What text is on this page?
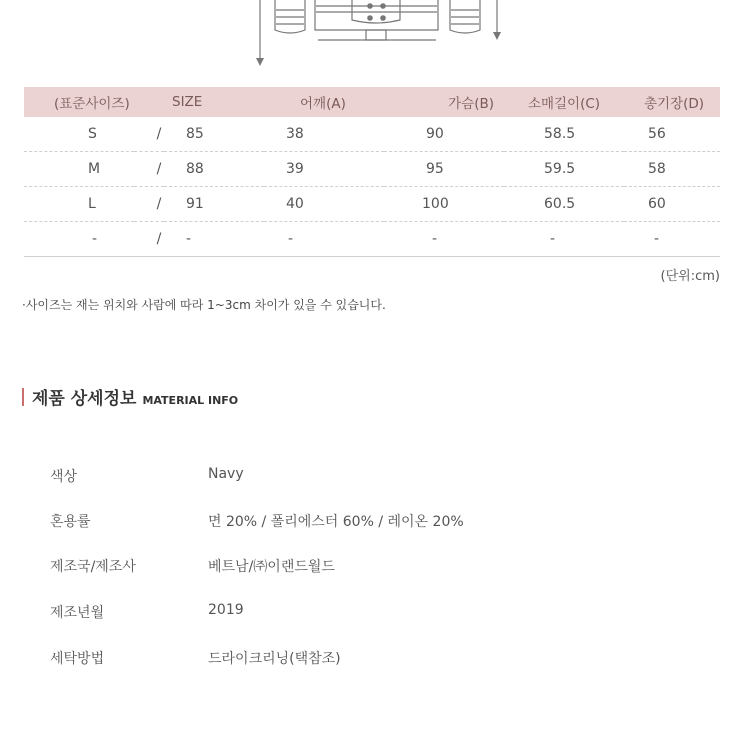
(표준사이즈)	SIZE		어깨(A)	가슴(B)	소매길이(C)	총기장(D)
S	/	85	38	90	58.5	56
M	/	88	39	95	59.5	58
L	/	91	40	100	60.5	60
-	/	-	-	-	-	-
(단위:cm)
·사이즈는 재는 위치와 사람에 따라 1~3cm 차이가 있을 수 있습니다.
제품 상세정보 MATERIAL INFO
색상	Navy
혼용률	면 20% / 폴리에스터 60% / 레이온 20%
제조국/제조사	베트남/㈜이랜드월드
제조년월	2019
세탁방법	드라이크리닝(택참조)
